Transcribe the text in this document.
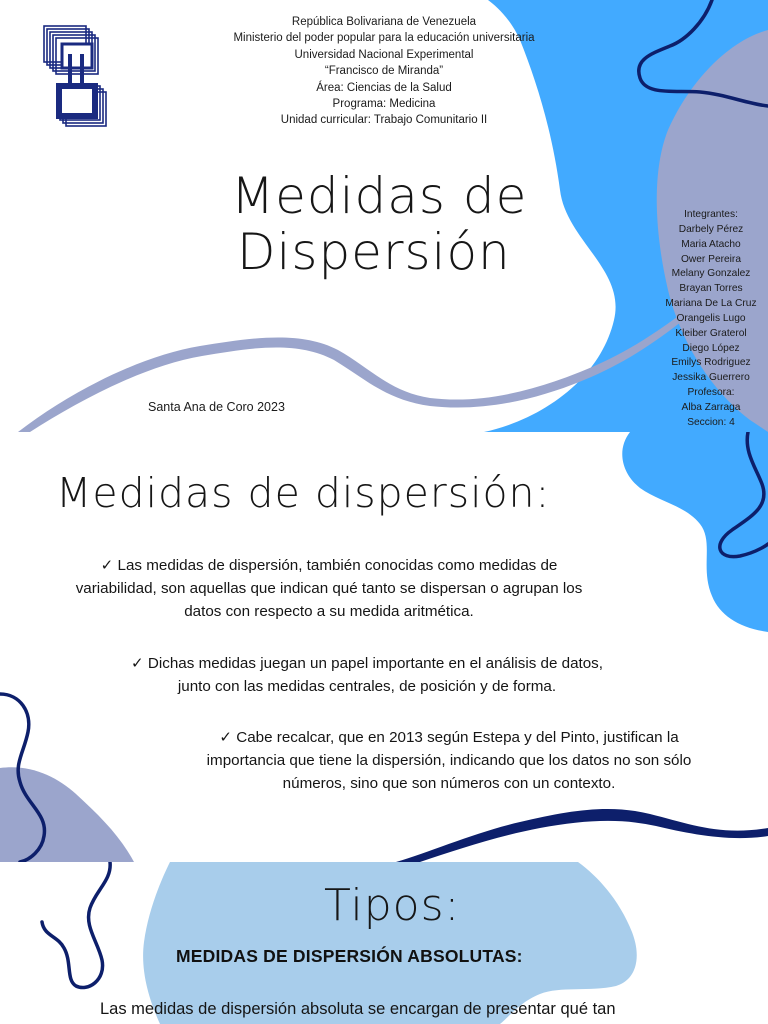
República Bolivariana de Venezuela
Ministerio del poder popular para la educación universitaria
Universidad Nacional Experimental
“Francisco de Miranda”
Área: Ciencias de la Salud
Programa: Medicina
Unidad curricular: Trabajo Comunitario II
Medidas de
Dispersión
Integrantes:
Darbely Pérez
Maria Atacho
Ower Pereira
Melany Gonzalez
Brayan Torres
Mariana De La Cruz
Orangelis Lugo
Kleiber Graterol
Diego López
Emilys Rodriguez
Jessika Guerrero
Profesora:
Alba Zarraga
Seccion: 4
Santa Ana de Coro 2023
Medidas de dispersión:
✓ Las medidas de dispersión, también conocidas como medidas de
variabilidad, son aquellas que indican qué tanto se dispersan o agrupan los
datos con respecto a su medida aritmética.
✓ Dichas medidas juegan un papel importante en el análisis de datos,
junto con las medidas centrales, de posición y de forma.
✓ Cabe recalcar, que en 2013 según Estepa y del Pinto, justifican la
importancia que tiene la dispersión, indicando que los datos no son sólo
números, sino que son números con un contexto.
Tipos:
MEDIDAS DE DISPERSIÓN ABSOLUTAS:
Las medidas de dispersión absoluta se encargan de presentar qué tan
